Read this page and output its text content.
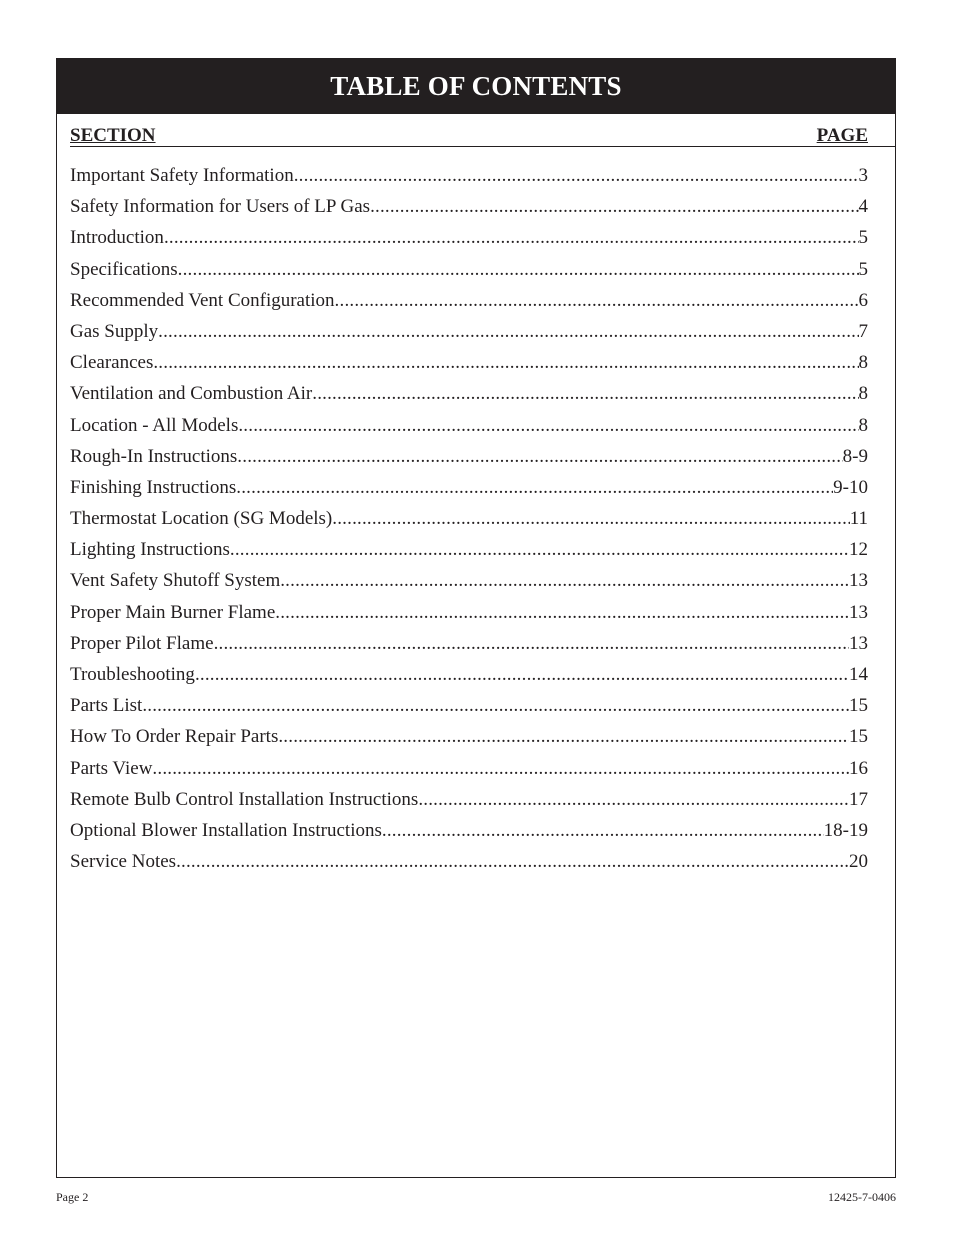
TABLE OF CONTENTS
SECTION	PAGE
Important Safety Information .....	3
Safety Information for Users of LP Gas .....	4
Introduction .....	5
Specifications .....	5
Recommended Vent Configuration .....	6
Gas Supply .....	7
Clearances .....	8
Ventilation and Combustion Air .....	8
Location - All Models .....	8
Rough-In Instructions .....	8-9
Finishing Instructions .....	9-10
Thermostat Location (SG Models) .....	11
Lighting Instructions .....	12
Vent Safety Shutoff System .....	13
Proper Main Burner Flame .....	13
Proper Pilot Flame .....	13
Troubleshooting .....	14
Parts List .....	15
How To Order Repair Parts .....	15
Parts View .....	16
Remote Bulb Control Installation Instructions .....	17
Optional Blower Installation Instructions .....	18-19
Service Notes .....	20
Page 2	12425-7-0406
